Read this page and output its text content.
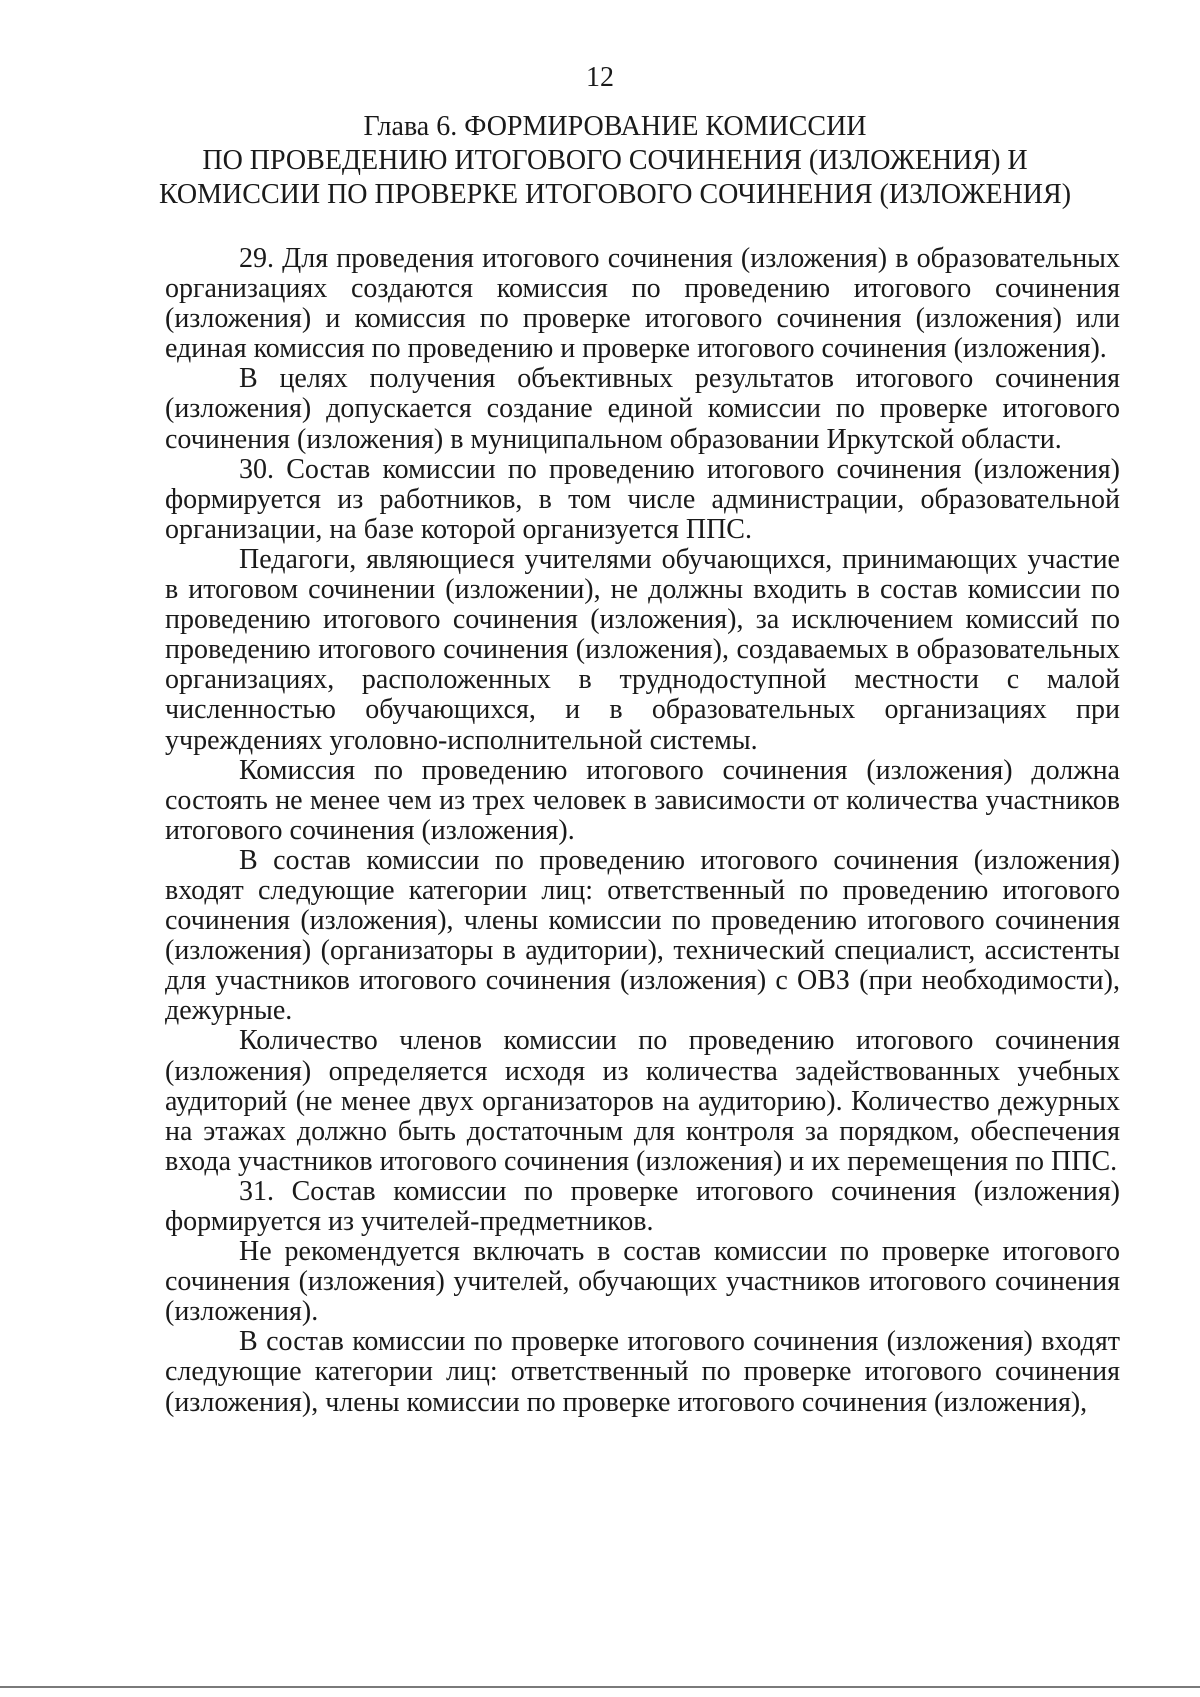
12
Глава 6. ФОРМИРОВАНИЕ КОМИССИИ
ПО ПРОВЕДЕНИЮ ИТОГОВОГО СОЧИНЕНИЯ (ИЗЛОЖЕНИЯ) И
КОМИССИИ ПО ПРОВЕРКЕ ИТОГОВОГО СОЧИНЕНИЯ (ИЗЛОЖЕНИЯ)

29. Для проведения итогового сочинения (изложения) в образовательных организациях создаются комиссия по проведению итогового сочинения (изложения) и комиссия по проверке итогового сочинения (изложения) или единая комиссия по проведению и проверке итогового сочинения (изложения).

В целях получения объективных результатов итогового сочинения (изложения) допускается создание единой комиссии по проверке итогового сочинения (изложения) в муниципальном образовании Иркутской области.

30. Состав комиссии по проведению итогового сочинения (изложения) формируется из работников, в том числе администрации, образовательной организации, на базе которой организуется ППС.

Педагоги, являющиеся учителями обучающихся, принимающих участие в итоговом сочинении (изложении), не должны входить в состав комиссии по проведению итогового сочинения (изложения), за исключением комиссий по проведению итогового сочинения (изложения), создаваемых в образовательных организациях, расположенных в труднодоступной местности с малой численностью обучающихся, и в образовательных организациях при учреждениях уголовно-исполнительной системы.

Комиссия по проведению итогового сочинения (изложения) должна состоять не менее чем из трех человек в зависимости от количества участников итогового сочинения (изложения).

В состав комиссии по проведению итогового сочинения (изложения) входят следующие категории лиц: ответственный по проведению итогового сочинения (изложения), члены комиссии по проведению итогового сочинения (изложения) (организаторы в аудитории), технический специалист, ассистенты для участников итогового сочинения (изложения) с ОВЗ (при необходимости), дежурные.

Количество членов комиссии по проведению итогового сочинения (изложения) определяется исходя из количества задействованных учебных аудиторий (не менее двух организаторов на аудиторию). Количество дежурных на этажах должно быть достаточным для контроля за порядком, обеспечения входа участников итогового сочинения (изложения) и их перемещения по ППС.

31. Состав комиссии по проверке итогового сочинения (изложения) формируется из учителей-предметников.

Не рекомендуется включать в состав комиссии по проверке итогового сочинения (изложения) учителей, обучающих участников итогового сочинения (изложения).

В состав комиссии по проверке итогового сочинения (изложения) входят следующие категории лиц: ответственный по проверке итогового сочинения (изложения), члены комиссии по проверке итогового сочинения (изложения),
